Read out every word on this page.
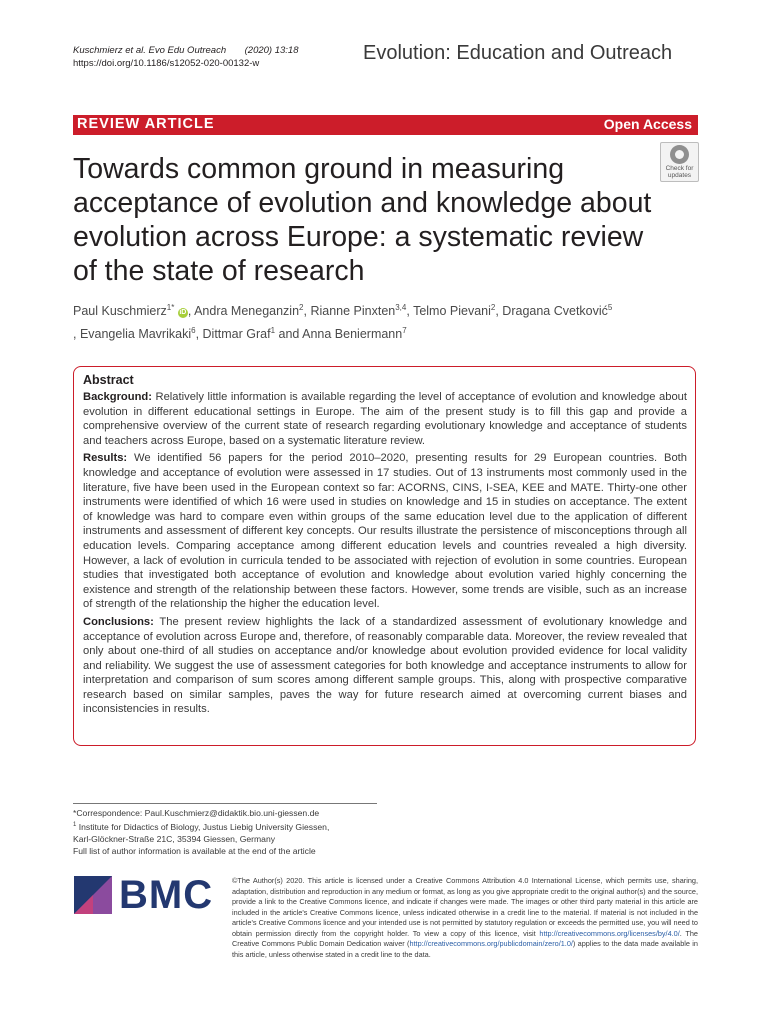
Kuschmierz et al. Evo Edu Outreach (2020) 13:18
https://doi.org/10.1186/s12052-020-00132-w	Evolution: Education and Outreach
REVIEW ARTICLE	Open Access
Check for
updates
Towards common ground in measuring acceptance of evolution and knowledge about evolution across Europe: a systematic review of the state of research
Paul Kuschmierz$^{1*}$ iD , Andra Meneganzin$^2$, Rianne Pinxten$^{3,4}$, Telmo Pievani$^2$, Dragana Cvetković$^5$
, Evangelia Mavrikaki$^6$, Dittmar Graf$^1$ and Anna Beniermann$^7$
Abstract

Background: Relatively little information is available regarding the level of acceptance of evolution and knowledge about evolution in different educational settings in Europe. The aim of the present study is to fill this gap and provide a comprehensive overview of the current state of research regarding evolutionary knowledge and acceptance of students and teachers across Europe, based on a systematic literature review.

Results: We identified 56 papers for the period 2010–2020, presenting results for 29 European countries. Both knowledge and acceptance of evolution were assessed in 17 studies. Out of 13 instruments most commonly used in the literature, five have been used in the European context so far: ACORNS, CINS, I-SEA, KEE and MATE. Thirty-one other instruments were identified of which 16 were used in studies on knowledge and 15 in studies on acceptance. The extent of knowledge was hard to compare even within groups of the same education level due to the application of different instruments and assessment of different key concepts. Our results illustrate the persistence of misconceptions through all education levels. Comparing acceptance among different education levels and countries revealed a high diversity. However, a lack of evolution in curricula tended to be associated with rejection of evolution in some countries. European studies that investigated both acceptance of evolution and knowledge about evolution varied highly concerning the existence and strength of the relationship between these factors. However, some trends are visible, such as an increase of strength of the relationship the higher the education level.

Conclusions: The present review highlights the lack of a standardized assessment of evolutionary knowledge and acceptance of evolution across Europe and, therefore, of reasonably comparable data. Moreover, the review revealed that only about one-third of all studies on acceptance and/or knowledge about evolution provided evidence for local validity and reliability. We suggest the use of assessment categories for both knowledge and acceptance instruments to allow for interpretation and comparison of sum scores among different sample groups. This, along with prospective comparative research based on similar samples, paves the way for future research aimed at overcoming current biases and inconsistencies in results.

*Correspondence: Paul.Kuschmierz@didaktik.bio.uni-giessen.de
$^1$ Institute for Didactics of Biology, Justus Liebig University Giessen,
Karl-Glöckner-Straße 21C, 35394 Giessen, Germany
Full list of author information is available at the end of the article
BMC	©The Author(s) 2020. This article is licensed under a Creative Commons Attribution 4.0 International License, which permits use, sharing, adaptation, distribution and reproduction in any medium or format, as long as you give appropriate credit to the original author(s) and the source, provide a link to the Creative Commons licence, and indicate if changes were made. The images or other third party material in this article are included in the article's Creative Commons licence, unless indicated otherwise in a credit line to the material. If material is not included in the article's Creative Commons licence and your intended use is not permitted by statutory regulation or exceeds the permitted use, you will need to obtain permission directly from the copyright holder. To view a copy of this licence, visit http://creativecommons.org/licenses/by/4.0/. The Creative Commons Public Domain Dedication waiver (http://creativecommons.org/publicdomain/zero/1.0/) applies to the data made available in this article, unless otherwise stated in a credit line to the data.
